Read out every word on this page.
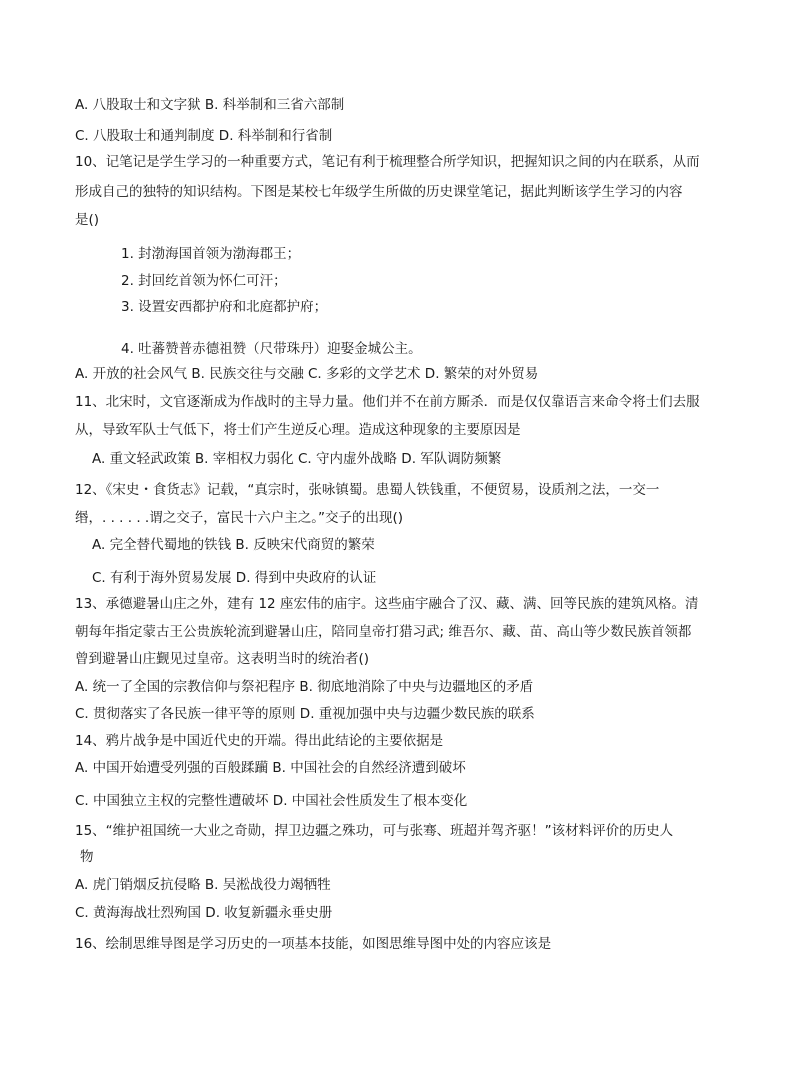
A. 八股取士和文字狱 B. 科举制和三省六部制
C. 八股取士和通判制度 D. 科举制和行省制
10、记笔记是学生学习的一种重要方式，笔记有利于梳理整合所学知识，把握知识之间的内在联系，从而
形成自己的独特的知识结构。下图是某校七年级学生所做的历史课堂笔记，据此判断该学生学习的内容
是()
1. 封渤海国首领为渤海郡王；
2. 封回纥首领为怀仁可汗；
3. 设置安西都护府和北庭都护府；
4. 吐蕃赞普赤德祖赞（尺带珠丹）迎娶金城公主。
A. 开放的社会风气 B. 民族交往与交融 C. 多彩的文学艺术 D. 繁荣的对外贸易
11、北宋时，文官逐渐成为作战时的主导力量。他们并不在前方厮杀．而是仅仅靠语言来命令将士们去服
从，导致军队士气低下，将士们产生逆反心理。造成这种现象的主要原因是
A. 重文轻武政策 B. 宰相权力弱化 C. 守内虚外战略 D. 军队调防频繁
12、《宋史・食货志》记载，“真宗时，张咏镇蜀。患蜀人铁钱重，不便贸易，设质剂之法，一交一
缗，. . . . . .谓之交子，富民十六户主之。”交子的出现()
A. 完全替代蜀地的铁钱 B. 反映宋代商贸的繁荣
C. 有利于海外贸易发展 D. 得到中央政府的认证
13、承德避暑山庄之外，建有 12 座宏伟的庙宇。这些庙宇融合了汉、藏、满、回等民族的建筑风格。清
朝每年指定蒙古王公贵族轮流到避暑山庄，陪同皇帝打猎习武; 维吾尔、藏、苗、高山等少数民族首领都
曾到避暑山庄觐见过皇帝。这表明当时的统治者()
A. 统一了全国的宗教信仰与祭祀程序 B. 彻底地消除了中央与边疆地区的矛盾
C. 贯彻落实了各民族一律平等的原则 D. 重视加强中央与边疆少数民族的联系
14、鸦片战争是中国近代史的开端。得出此结论的主要依据是
A. 中国开始遭受列强的百般蹂躏 B. 中国社会的自然经济遭到破坏
C. 中国独立主权的完整性遭破坏 D. 中国社会性质发生了根本变化
15、“维护祖国统一大业之奇勋，捍卫边疆之殊功，可与张骞、班超并驾齐驱！”该材料评价的历史人
物
A. 虎门销烟反抗侵略 B. 吴淞战役力竭牺牲
C. 黄海海战壮烈殉国 D. 收复新疆永垂史册
16、绘制思维导图是学习历史的一项基本技能，如图思维导图中处的内容应该是
